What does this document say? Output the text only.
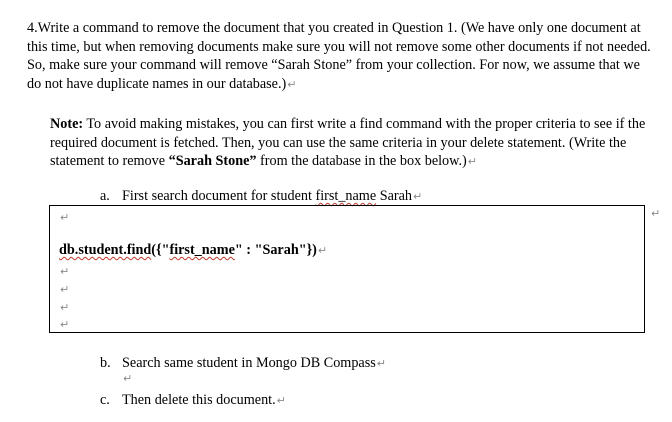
4.Write a command to remove the document that you created in Question 1. (We have only one document at this time, but when removing documents make sure you will not remove some other documents if not needed. So, make sure your command will remove “Sarah Stone” from your collection. For now, we assume that we do not have duplicate names in our database.)↵

Note: To avoid making mistakes, you can first write a find command with the proper criteria to see if the required document is fetched. Then, you can use the same criteria in your delete statement. (Write the statement to remove “Sarah Stone” from the database in the box below.)↵

a. First search document for student first_name Sarah↵

↵
db.student.find({"first_name" : "Sarah"})↵
↵
↵
↵
↵
↵

b. Search same student in Mongo DB Compass↵

↵

c. Then delete this document.↵
